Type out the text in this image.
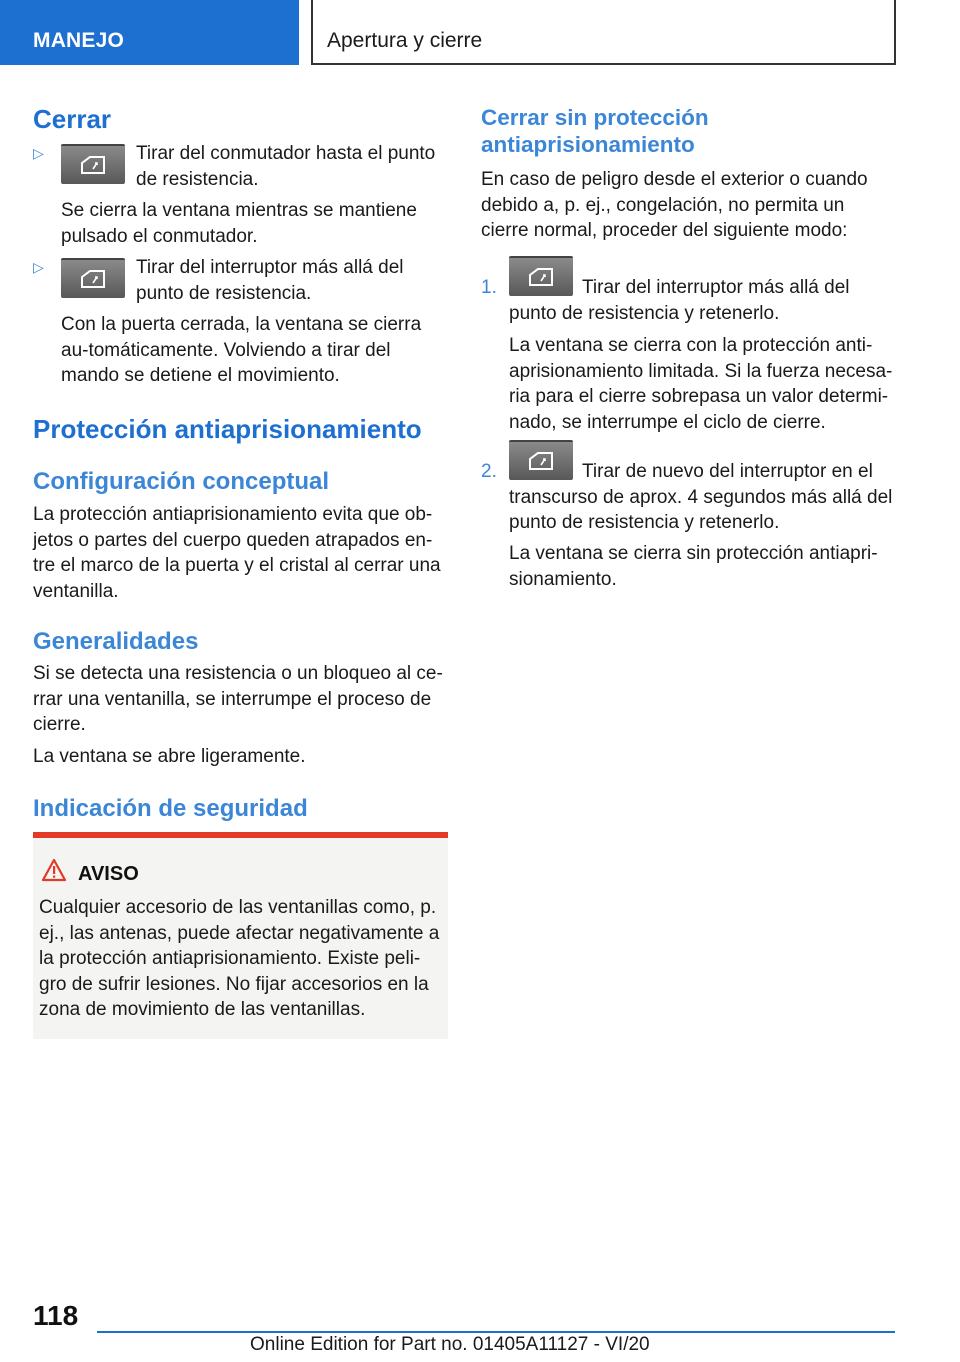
MANEJO	Apertura y cierre
Cerrar
▷	Tirar del conmutador hasta el punto de resistencia.
Se cierra la ventana mientras se mantiene pulsado el conmutador.
▷	Tirar del interruptor más allá del punto de resistencia.
Con la puerta cerrada, la ventana se cierra au-tomáticamente. Volviendo a tirar del mando se detiene el movimiento.
Protección antiaprisionamiento
Configuración conceptual
La protección antiaprisionamiento evita que ob-jetos o partes del cuerpo queden atrapados en-tre el marco de la puerta y el cristal al cerrar una ventanilla.
Generalidades
Si se detecta una resistencia o un bloqueo al ce-rrar una ventanilla, se interrumpe el proceso de cierre.
La ventana se abre ligeramente.
Indicación de seguridad
AVISO
Cualquier accesorio de las ventanillas como, p. ej., las antenas, puede afectar negativamente a la protección antiaprisionamiento. Existe peli-gro de sufrir lesiones. No fijar accesorios en la zona de movimiento de las ventanillas.
Cerrar sin protección antiaprisionamiento
En caso de peligro desde el exterior o cuando debido a, p. ej., congelación, no permita un cierre normal, proceder del siguiente modo:
1.	Tirar del interruptor más allá del punto de resistencia y retenerlo.
La ventana se cierra con la protección anti-aprisionamiento limitada. Si la fuerza necesa-ria para el cierre sobrepasa un valor determi-nado, se interrumpe el ciclo de cierre.
2.	Tirar de nuevo del interruptor en el transcurso de aprox. 4 segundos más allá del punto de resistencia y retenerlo.
La ventana se cierra sin protección antiapri-sionamiento.
118
Online Edition for Part no. 01405A11127 - VI/20
